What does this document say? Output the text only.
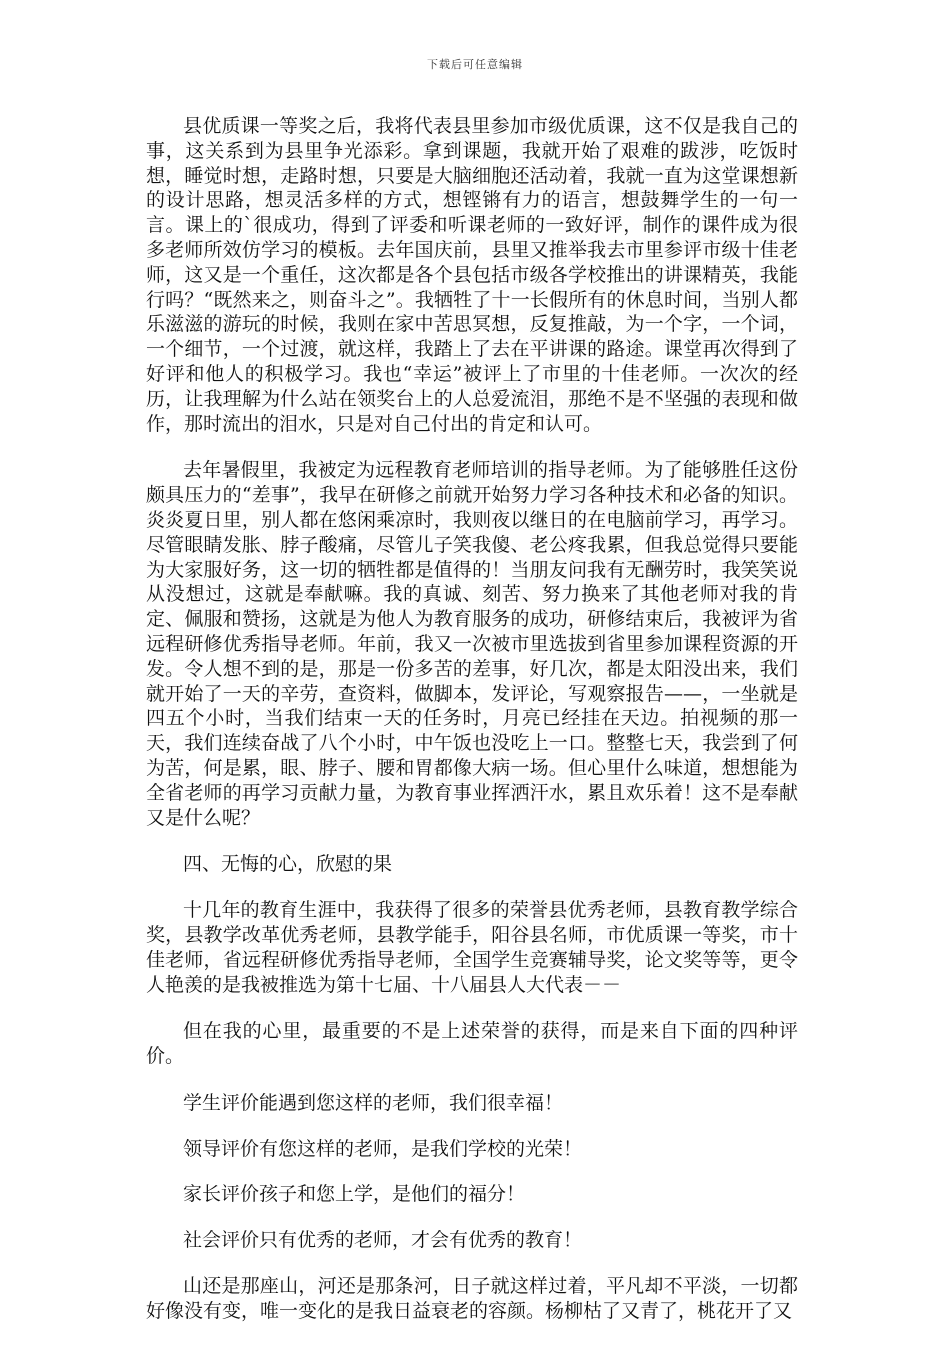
下载后可任意编辑

县优质课一等奖之后，我将代表县里参加市级优质课，这不仅是我自己的事，这关系到为县里争光添彩。拿到课题，我就开始了艰难的跋涉，吃饭时想，睡觉时想，走路时想，只要是大脑细胞还活动着，我就一直为这堂课想新的设计思路，想灵活多样的方式，想铿锵有力的语言，想鼓舞学生的一句一言。课上的`很成功，得到了评委和听课老师的一致好评，制作的课件成为很多老师所效仿学习的模板。去年国庆前，县里又推举我去市里参评市级十佳老师，这又是一个重任，这次都是各个县包括市级各学校推出的讲课精英，我能行吗？“既然来之，则奋斗之”。我牺牲了十一长假所有的休息时间，当别人都乐滋滋的游玩的时候，我则在家中苦思冥想，反复推敲，为一个字，一个词，一个细节，一个过渡，就这样，我踏上了去在平讲课的路途。课堂再次得到了好评和他人的积极学习。我也“幸运”被评上了市里的十佳老师。一次次的经历，让我理解为什么站在领奖台上的人总爱流泪，那绝不是不坚强的表现和做作，那时流出的泪水，只是对自己付出的肯定和认可。

去年暑假里，我被定为远程教育老师培训的指导老师。为了能够胜任这份颇具压力的“差事”，我早在研修之前就开始努力学习各种技术和必备的知识。炎炎夏日里，别人都在悠闲乘凉时，我则夜以继日的在电脑前学习，再学习。尽管眼睛发胀、脖子酸痛，尽管儿子笑我傻、老公疼我累，但我总觉得只要能为大家服好务，这一切的牺牲都是值得的！当朋友问我有无酬劳时，我笑笑说从没想过，这就是奉献嘛。我的真诚、刻苦、努力换来了其他老师对我的肯定、佩服和赞扬，这就是为他人为教育服务的成功，研修结束后，我被评为省远程研修优秀指导老师。年前，我又一次被市里选拔到省里参加课程资源的开发。令人想不到的是，那是一份多苦的差事，好几次，都是太阳没出来，我们就开始了一天的辛劳，查资料，做脚本，发评论，写观察报告——，一坐就是四五个小时，当我们结束一天的任务时，月亮已经挂在天边。拍视频的那一天，我们连续奋战了八个小时，中午饭也没吃上一口。整整七天，我尝到了何为苦，何是累，眼、脖子、腰和胃都像大病一场。但心里什么味道，想想能为全省老师的再学习贡献力量，为教育事业挥洒汗水，累且欢乐着！这不是奉献又是什么呢？

四、无悔的心，欣慰的果

十几年的教育生涯中，我获得了很多的荣誉县优秀老师，县教育教学综合奖，县教学改革优秀老师，县教学能手，阳谷县名师，市优质课一等奖，市十佳老师，省远程研修优秀指导老师，全国学生竞赛辅导奖，论文奖等等，更令人艳羡的是我被推选为第十七届、十八届县人大代表－－

但在我的心里，最重要的不是上述荣誉的获得，而是来自下面的四种评价。

学生评价能遇到您这样的老师，我们很幸福！

领导评价有您这样的老师，是我们学校的光荣！

家长评价孩子和您上学，是他们的福分！

社会评价只有优秀的老师，才会有优秀的教育！

山还是那座山，河还是那条河，日子就这样过着，平凡却不平淡，一切都好像没有变，唯一变化的是我日益衰老的容颜。杨柳枯了又青了，桃花开了又
